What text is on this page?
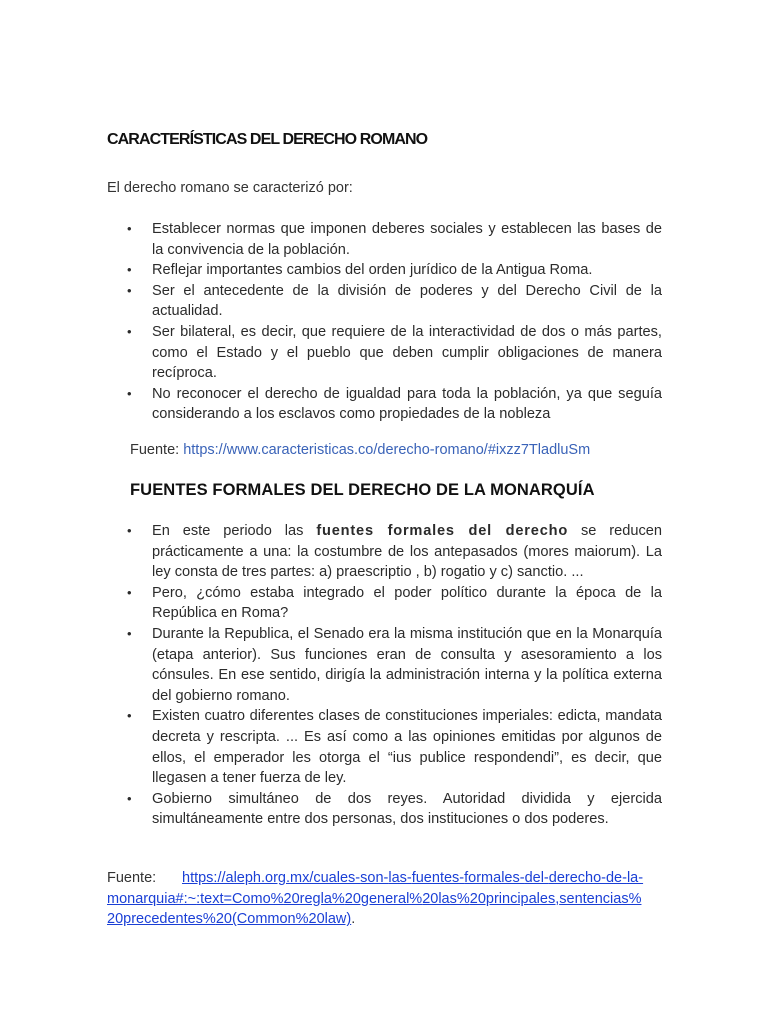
CARACTERÍSTICAS DEL DERECHO ROMANO

El derecho romano se caracterizó por:

• Establecer normas que imponen deberes sociales y establecen las bases de la convivencia de la población.
• Reflejar importantes cambios del orden jurídico de la Antigua Roma.
• Ser el antecedente de la división de poderes y del Derecho Civil de la actualidad.
• Ser bilateral, es decir, que requiere de la interactividad de dos o más partes, como el Estado y el pueblo que deben cumplir obligaciones de manera recíproca.
• No reconocer el derecho de igualdad para toda la población, ya que seguía considerando a los esclavos como propiedades de la nobleza

Fuente: https://www.caracteristicas.co/derecho-romano/#ixzz7TladluSm

FUENTES FORMALES DEL DERECHO DE LA MONARQUÍA
• En este periodo las fuentes formales del derecho se reducen prácticamente a una: la costumbre de los antepasados (mores maiorum). La ley consta de tres partes: a) praescriptio , b) rogatio y c) sanctio. ...
• Pero, ¿cómo estaba integrado el poder político durante la época de la República en Roma?
• Durante la Republica, el Senado era la misma institución que en la Monarquía (etapa anterior). Sus funciones eran de consulta y asesoramiento a los cónsules. En ese sentido, dirigía la administración interna y la política externa del gobierno romano.
• Existen cuatro diferentes clases de constituciones imperiales: edicta, mandata decreta y rescripta. ... Es así como a las opiniones emitidas por algunos de ellos, el emperador les otorga el “ius publice respondendi”, es decir, que llegasen a tener fuerza de ley.
• Gobierno simultáneo de dos reyes. Autoridad dividida y ejercida simultáneamente entre dos personas, dos instituciones o dos poderes.

Fuente: https://aleph.org.mx/cuales-son-las-fuentes-formales-del-derecho-de-la-monarquia#:~:text=Como%20regla%20general%20las%20principales,sentencias%20precedentes%20(Common%20law).
